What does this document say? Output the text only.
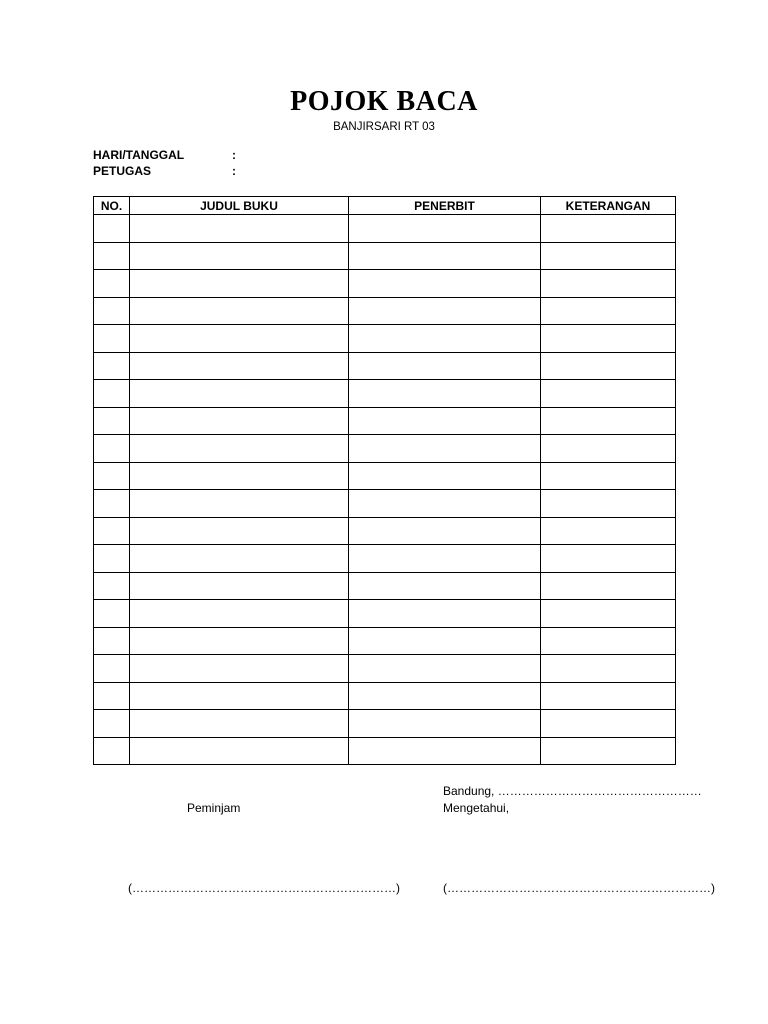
POJOK BACA
BANJIRSARI RT 03
HARI/TANGGAL	:
PETUGAS	:
NO.	JUDUL BUKU	PENERBIT	KETERANGAN

Bandung, ……………………………………………
Mengetahui,
Peminjam
(…………………………………………………………)	(…………………………………………………………)
